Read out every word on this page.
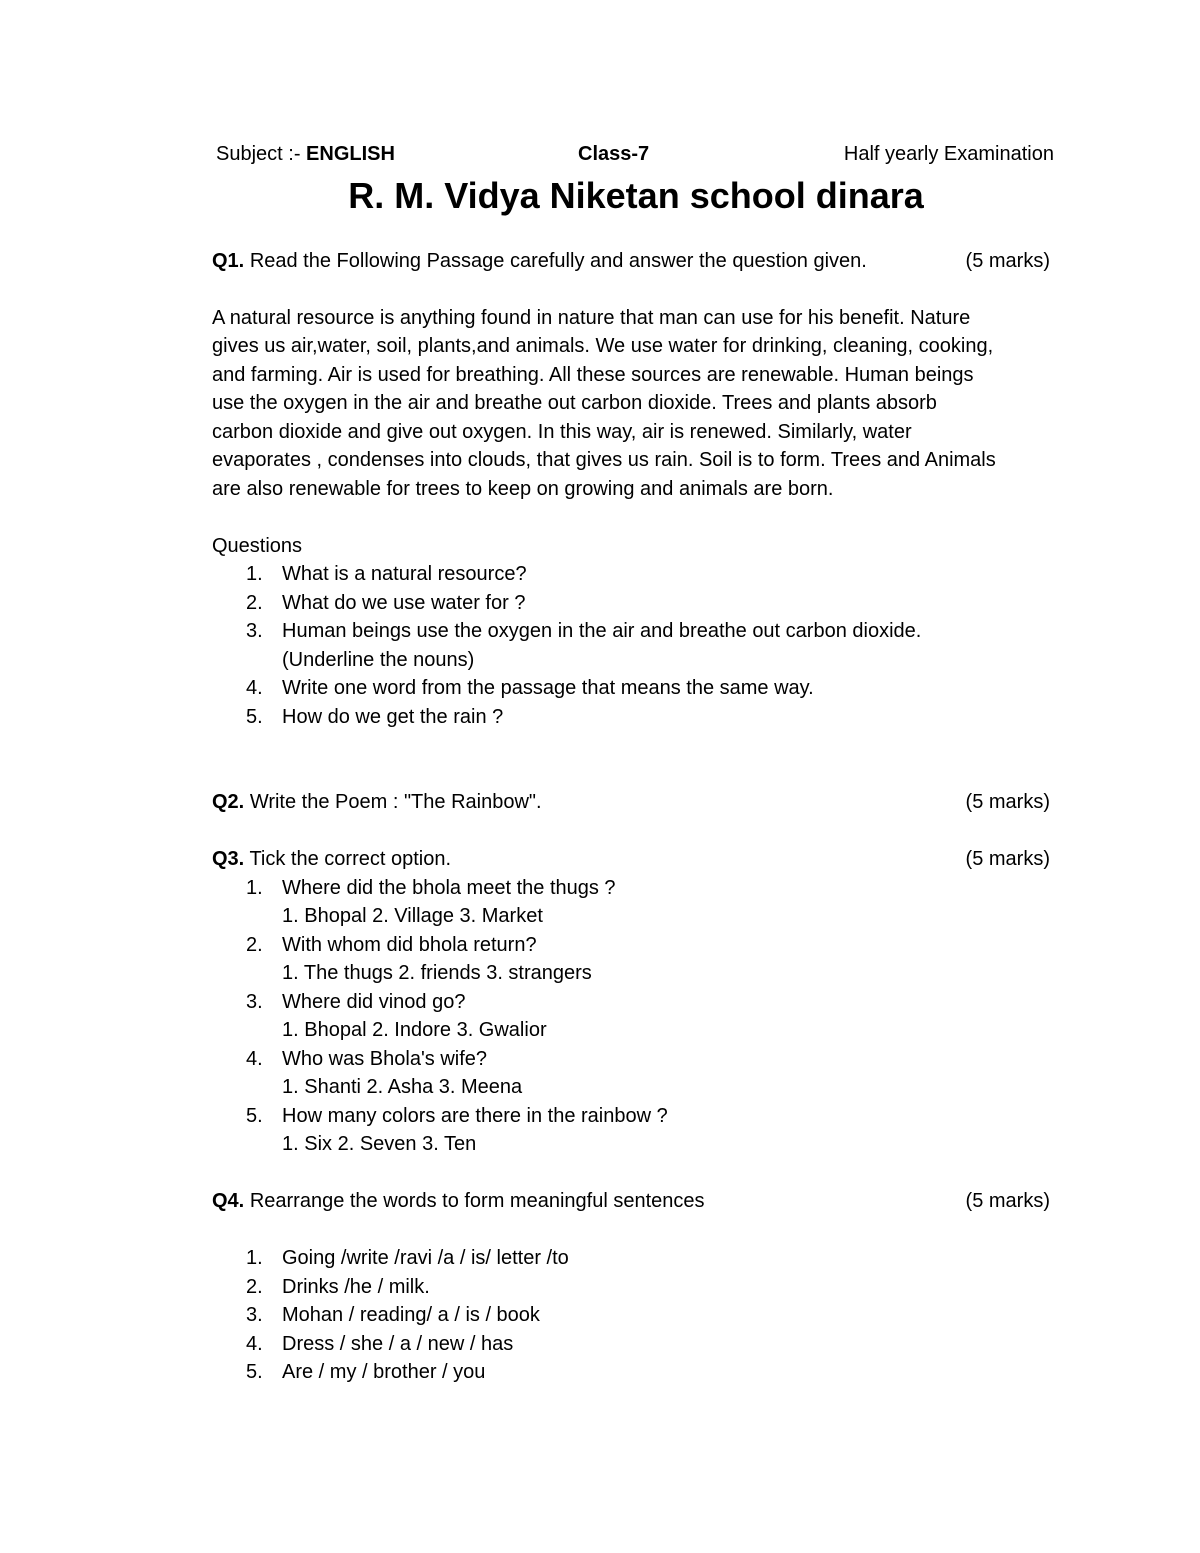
Subject :- ENGLISH	Class-7	Half yearly Examination
R. M. Vidya Niketan school dinara
Q1. Read the Following Passage carefully and answer the question given.	(5 marks)
A natural resource is anything found in nature that man can use for his benefit. Nature
gives us air,water, soil, plants,and animals. We use water for drinking, cleaning, cooking,
and farming. Air is used for breathing. All these sources are renewable. Human beings
use the oxygen in the air and breathe out carbon dioxide. Trees and plants absorb
carbon dioxide and give out oxygen. In this way, air is renewed. Similarly, water
evaporates , condenses into clouds, that gives us rain. Soil is to form. Trees and Animals
are also renewable for trees to keep on growing and animals are born.
Questions
1. What is a natural resource?
2. What do we use water for ?
3. Human beings use the oxygen in the air and breathe out carbon dioxide.
(Underline the nouns)
4. Write one word from the passage that means the same way.
5. How do we get the rain ?
Q2. Write the Poem : "The Rainbow".	(5 marks)
Q3. Tick the correct option.	(5 marks)
1. Where did the bhola meet the thugs ?
1. Bhopal 2. Village 3. Market
2. With whom did bhola return?
1. The thugs 2. friends 3. strangers
3. Where did vinod go?
1. Bhopal 2. Indore 3. Gwalior
4. Who was Bhola's wife?
1. Shanti 2. Asha 3. Meena
5. How many colors are there in the rainbow ?
1. Six 2. Seven 3. Ten
Q4. Rearrange the words to form meaningful sentences	(5 marks)
1. Going /write /ravi /a / is/ letter /to
2. Drinks /he / milk.
3. Mohan / reading/ a / is / book
4. Dress / she / a / new / has
5. Are / my / brother / you
